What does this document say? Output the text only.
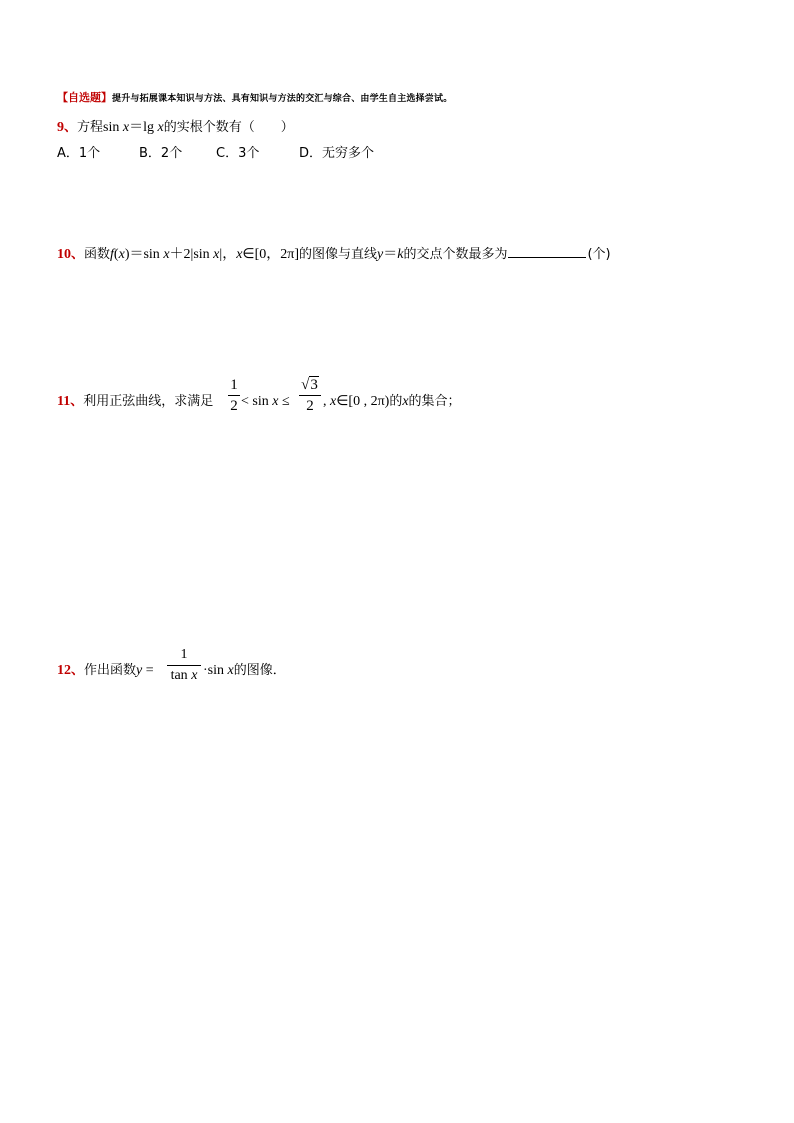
【自选题】提升与拓展课本知识与方法、具有知识与方法的交汇与综合、由学生自主选择尝试。
9、方程sin x＝lg x的实根个数有（　　）
A．1个	B．2个	C．3个	D．无穷多个
10、函数f(x)＝sin x＋2|sin x|，x∈[0，2π]的图像与直线y＝k的交点个数最多为	(个)
11、利用正弦曲线，求满足
1
2 < sin x ≤
√3
2 , x∈[0 , 2π)的x的集合；
12、作出函数y =
1
tan x ·sin x的图像．
